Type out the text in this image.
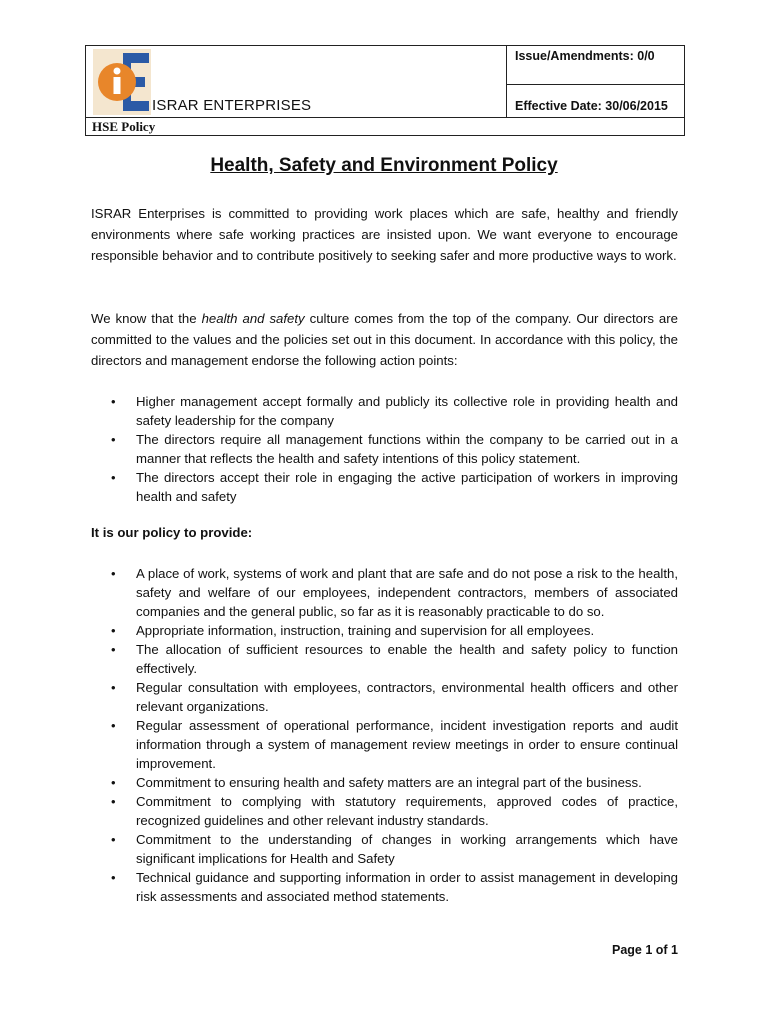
ISRAR ENTERPRISES
Issue/Amendments: 0/0
Effective Date: 30/06/2015
HSE Policy
Health, Safety and Environment Policy
ISRAR Enterprises is committed to providing work places which are safe, healthy and friendly environments where safe working practices are insisted upon. We want everyone to encourage responsible behavior and to contribute positively to seeking safer and more productive ways to work.
We know that the health and safety culture comes from the top of the company. Our directors are committed to the values and the policies set out in this document. In accordance with this policy, the directors and management endorse the following action points:
• Higher management accept formally and publicly its collective role in providing health and safety leadership for the company
• The directors require all management functions within the company to be carried out in a manner that reflects the health and safety intentions of this policy statement.
• The directors accept their role in engaging the active participation of workers in improving health and safety
It is our policy to provide:
• A place of work, systems of work and plant that are safe and do not pose a risk to the health, safety and welfare of our employees, independent contractors, members of associated companies and the general public, so far as it is reasonably practicable to do so.
• Appropriate information, instruction, training and supervision for all employees.
• The allocation of sufficient resources to enable the health and safety policy to function effectively.
• Regular consultation with employees, contractors, environmental health officers and other relevant organizations.
• Regular assessment of operational performance, incident investigation reports and audit information through a system of management review meetings in order to ensure continual improvement.
• Commitment to ensuring health and safety matters are an integral part of the business.
• Commitment to complying with statutory requirements, approved codes of practice, recognized guidelines and other relevant industry standards.
• Commitment to the understanding of changes in working arrangements which have significant implications for Health and Safety
• Technical guidance and supporting information in order to assist management in developing risk assessments and associated method statements.
Page 1 of 1
